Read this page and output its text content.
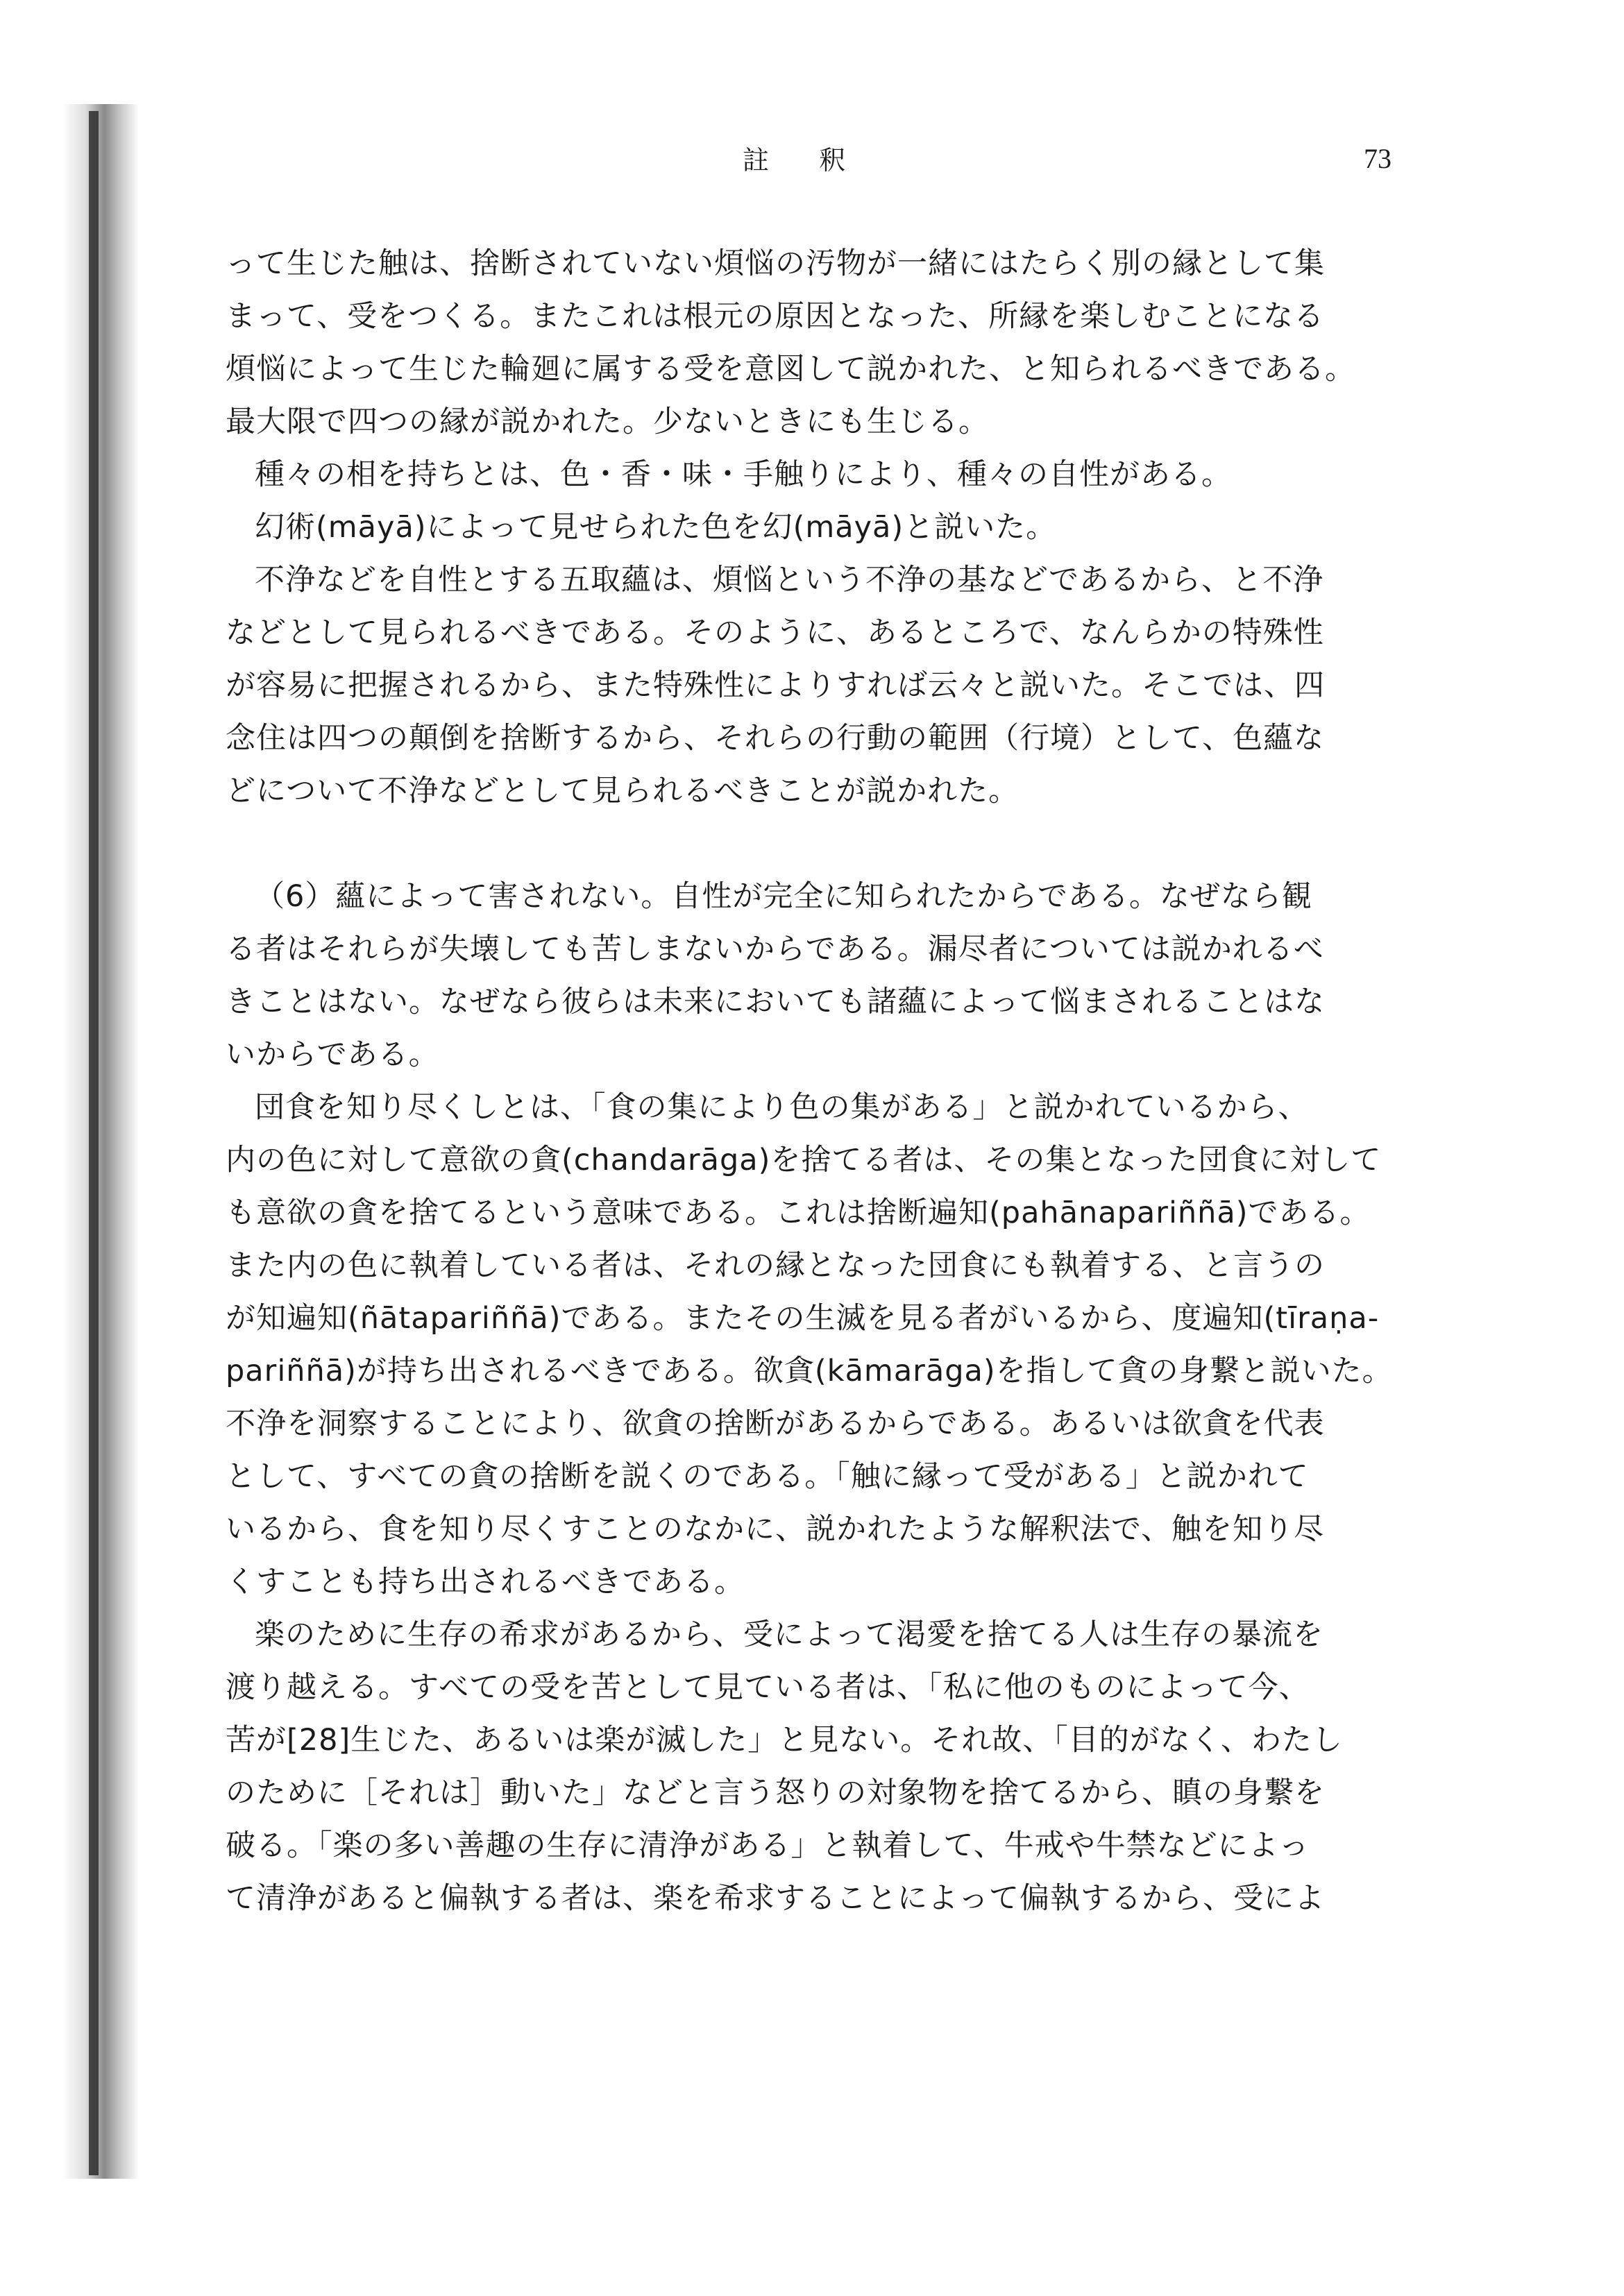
註 釈	73
って生じた触は、捨断されていない煩悩の汚物が一緒にはたらく別の縁として集
まって、受をつくる。またこれは根元の原因となった、所縁を楽しむことになる
煩悩によって生じた輪廻に属する受を意図して説かれた、と知られるべきである。
最大限で四つの縁が説かれた。少ないときにも生じる。
種々の相を持ちとは、色・香・味・手触りにより、種々の自性がある。
幻術(māyā)によって見せられた色を幻(māyā)と説いた。
不浄などを自性とする五取蘊は、煩悩という不浄の基などであるから、と不浄
などとして見られるべきである。そのように、あるところで、なんらかの特殊性
が容易に把握されるから、また特殊性によりすれば云々と説いた。そこでは、四
念住は四つの顛倒を捨断するから、それらの行動の範囲（行境）として、色蘊な
どについて不浄などとして見られるべきことが説かれた。
（6）蘊によって害されない。自性が完全に知られたからである。なぜなら観
る者はそれらが失壊しても苦しまないからである。漏尽者については説かれるべ
きことはない。なぜなら彼らは未来においても諸蘊によって悩まされることはな
いからである。
団食を知り尽くしとは、「食の集により色の集がある」と説かれているから、
内の色に対して意欲の貪(chandarāga)を捨てる者は、その集となった団食に対して
も意欲の貪を捨てるという意味である。これは捨断遍知(pahānapariññā)である。
また内の色に執着している者は、それの縁となった団食にも執着する、と言うの
が知遍知(ñātapariññā)である。またその生滅を見る者がいるから、度遍知(tīraṇa-
pariññā)が持ち出されるべきである。欲貪(kāmarāga)を指して貪の身繋と説いた。
不浄を洞察することにより、欲貪の捨断があるからである。あるいは欲貪を代表
として、すべての貪の捨断を説くのである。「触に縁って受がある」と説かれて
いるから、食を知り尽くすことのなかに、説かれたような解釈法で、触を知り尽
くすことも持ち出されるべきである。
楽のために生存の希求があるから、受によって渇愛を捨てる人は生存の暴流を
渡り越える。すべての受を苦として見ている者は、「私に他のものによって今、
苦が[28]生じた、あるいは楽が滅した」と見ない。それ故、「目的がなく、わたし
のために［それは］動いた」などと言う怒りの対象物を捨てるから、瞋の身繋を
破る。「楽の多い善趣の生存に清浄がある」と執着して、牛戒や牛禁などによっ
て清浄があると偏執する者は、楽を希求することによって偏執するから、受によ
